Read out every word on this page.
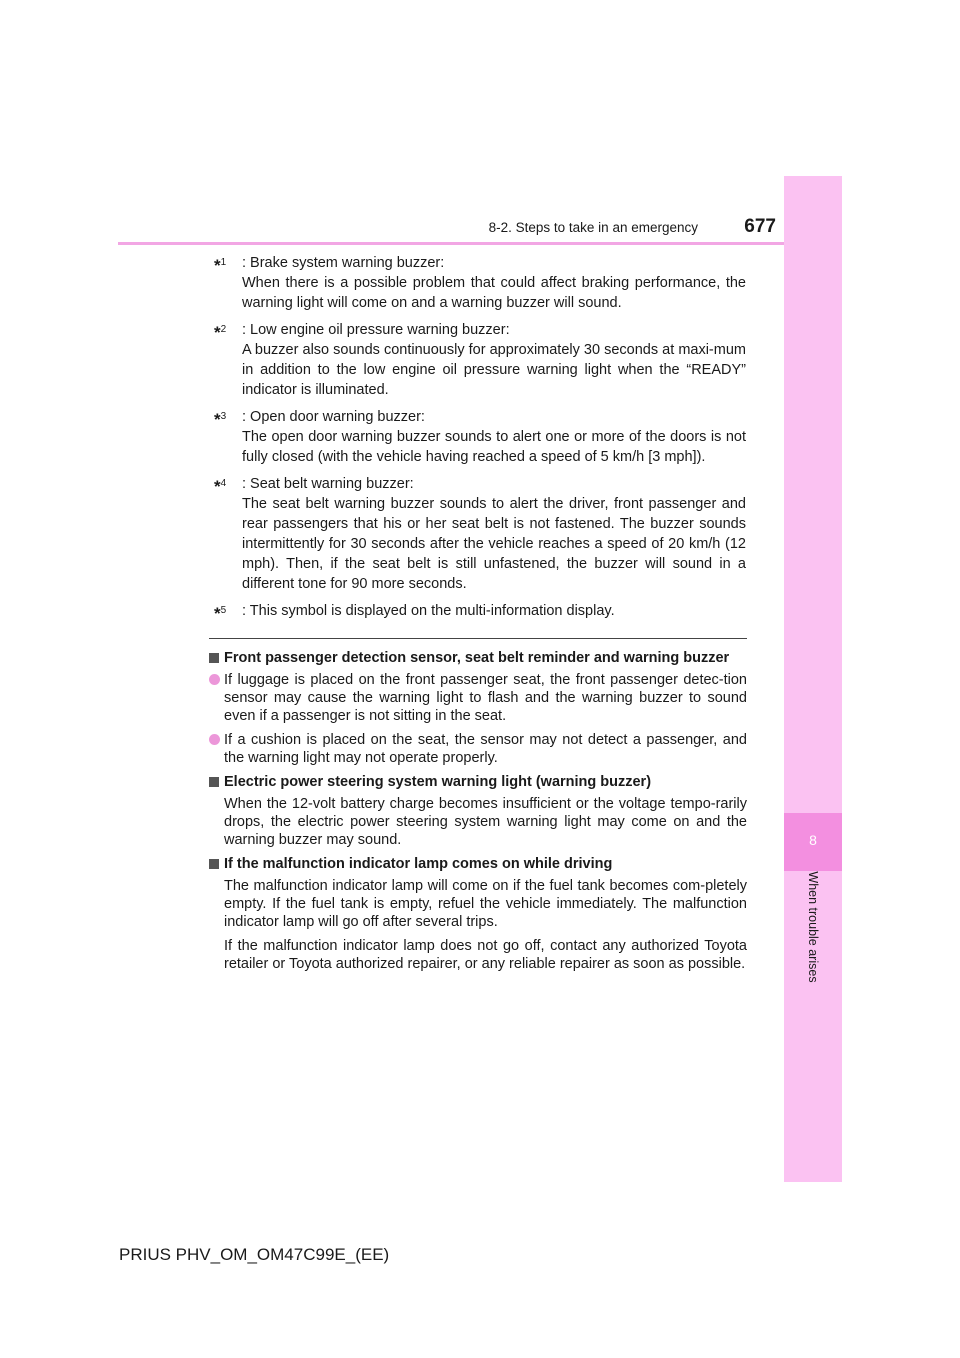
8-2. Steps to take in an emergency	677
8
When trouble arises
*$^1$ : Brake system warning buzzer:
When there is a possible problem that could affect braking performance, the warning light will come on and a warning buzzer will sound.
*$^2$ : Low engine oil pressure warning buzzer:
A buzzer also sounds continuously for approximately 30 seconds at maxi-mum in addition to the low engine oil pressure warning light when the “READY” indicator is illuminated.
*$^3$ : Open door warning buzzer:
The open door warning buzzer sounds to alert one or more of the doors is not fully closed (with the vehicle having reached a speed of 5 km/h [3 mph]).
*$^4$ : Seat belt warning buzzer:
The seat belt warning buzzer sounds to alert the driver, front passenger and rear passengers that his or her seat belt is not fastened. The buzzer sounds intermittently for 30 seconds after the vehicle reaches a speed of 20 km/h (12 mph). Then, if the seat belt is still unfastened, the buzzer will sound in a different tone for 90 more seconds.
*$^5$ : This symbol is displayed on the multi-information display.
Front passenger detection sensor, seat belt reminder and warning buzzer
If luggage is placed on the front passenger seat, the front passenger detec-tion sensor may cause the warning light to flash and the warning buzzer to sound even if a passenger is not sitting in the seat.
If a cushion is placed on the seat, the sensor may not detect a passenger, and the warning light may not operate properly.
Electric power steering system warning light (warning buzzer)
When the 12-volt battery charge becomes insufficient or the voltage tempo-rarily drops, the electric power steering system warning light may come on and the warning buzzer may sound.
If the malfunction indicator lamp comes on while driving
The malfunction indicator lamp will come on if the fuel tank becomes com-pletely empty. If the fuel tank is empty, refuel the vehicle immediately. The malfunction indicator lamp will go off after several trips.
If the malfunction indicator lamp does not go off, contact any authorized Toyota retailer or Toyota authorized repairer, or any reliable repairer as soon as possible.
PRIUS PHV_OM_OM47C99E_(EE)
